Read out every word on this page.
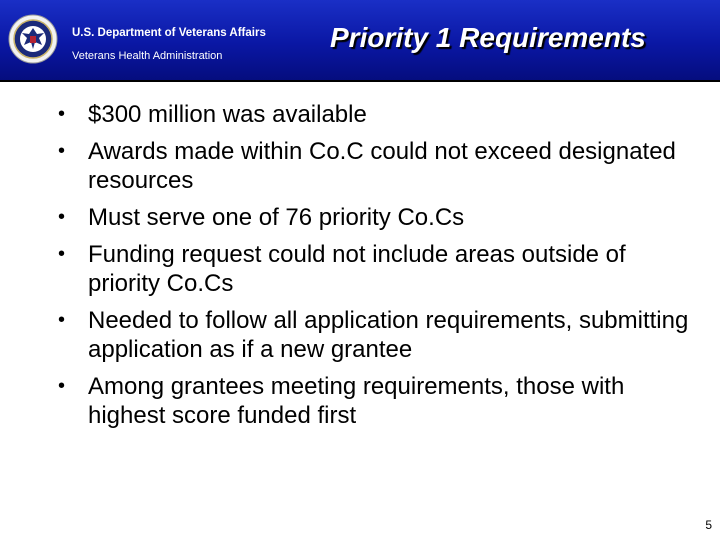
U.S. Department of Veterans Affairs
Veterans Health Administration
Priority 1 Requirements
• $300 million was available
• Awards made within Co.C could not exceed designated resources
• Must serve one of 76 priority Co.Cs
• Funding request could not include areas outside of priority Co.Cs
• Needed to follow all application requirements, submitting application as if a new grantee
• Among grantees meeting requirements, those with highest score funded first
5
